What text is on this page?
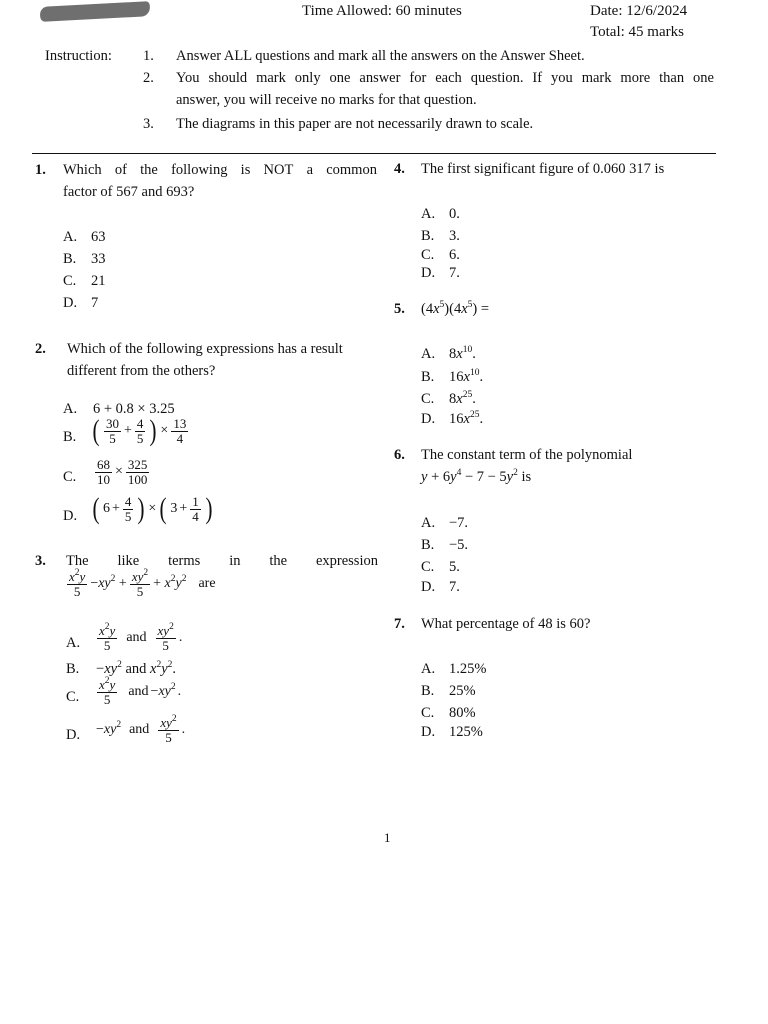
Time Allowed: 60 minutes	Date: 12/6/2024
Total: 45 marks
Instruction: 1. Answer ALL questions and mark all the answers on the Answer Sheet.
2. You should mark only one answer for each question. If you mark more than one
answer, you will receive no marks for that question.
3. The diagrams in this paper are not necessarily drawn to scale.
1. Which of the following is NOT a common
factor of 567 and 693?
A. 63
B. 33
C. 21
D. 7
2. Which of the following expressions has a result
different from the others?
A. 6 + 0.8 × 3.25
B. ( $\frac{30}{5} + \frac{4}{5}$ ) × $\frac{13}{4}$
C. $\frac{68}{10} \times \frac{325}{100}$
D. ( $6 + \frac{4}{5}$ ) × ( $3 + \frac{1}{4}$ )
3. The like terms in the expression
$\frac{x^2y}{5} -xy^2 + \frac{xy^2}{5} + x^2y^2$ are
A. $\frac{x^2y}{5}$ and $\frac{xy^2}{5}$ .
B. $-xy^2$ and $x^2y^2$.
C. $\frac{x^2y}{5}$ and $-xy^2$ .
D. $-xy^2$ and $\frac{xy^2}{5}$ .
4. The first significant figure of 0.060 317 is
A. 0.
B. 3.
C. 6.
D. 7.
5. $(4x^5)(4x^5)$ =
A. $8x^{10}$.
B. $16x^{10}$.
C. $8x^{25}$.
D. $16x^{25}$.
6. The constant term of the polynomial
$y + 6y^4 - 7 - 5y^2$ is
A. −7.
B. −5.
C. 5.
D. 7.
7. What percentage of 48 is 60?
A. 1.25%
B. 25%
C. 80%
D. 125%
1
